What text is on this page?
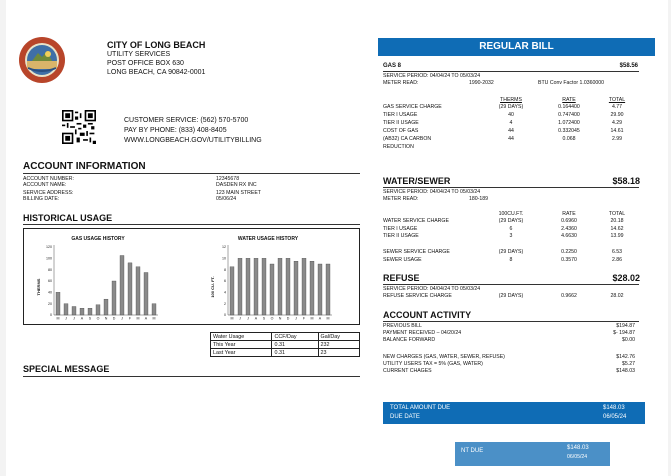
CITY OF LONG BEACH
UTILITY SERVICES
POST OFFICE BOX 630
LONG BEACH, CA 90842-0001
CUSTOMER SERVICE: (562) 570-5700
PAY BY PHONE: (833) 408-8405
WWW.LONGBEACH.GOV/UTILITYBILLING
ACCOUNT INFORMATION
ACCOUNT NUMBER:	12345678
ACCOUNT NAME:	DASDEN RX INC
SERVICE ADDRESS:	123 MAIN STREET
BILLING DATE:	05/06/24
HISTORICAL USAGE
GAS USAGE HISTORY
THERMS
0
20
40
60
80
100
120
M J J A S O N D J F M A M
WATER USAGE HISTORY
100 CU. FT.
0
2
4
6
8
10
12
M J J A S O N D J F M A M
Water Usage	CCF/Day	Gal/Day
This Year	0.31	232
Last Year	0.31	23
SPECIAL MESSAGE
REGULAR BILL
GAS 8	$58.56
SERVICE PERIOD: 04/04/24 TO 05/03/24
METER READ:	1990-2032	BTU Conv Factor 1.0360000
THERMS	RATE	TOTAL
GAS SERVICE CHARGE	(29 DAYS)	0.164400	4.77
TIER I USAGE	40	0.747400	29.90
TIER II USAGE	4	1.072400	4.29
COST OF GAS	44	0.332045	14.61
(AB32) CA CARBON	44	0.068	2.99
REDUCTION
WATER/SEWER	$58.18
SERVICE PERIOD: 04/04/24 TO 05/03/24
METER READ:	180-189
100CU.FT.	RATE	TOTAL
WATER SERVICE CHARGE	(29 DAYS)	0.6960	20.18
TIER I USAGE	6	2.4360	14.62
TIER II USAGE	3	4.6630	13.99
SEWER SERVICE CHARGE	(29 DAYS)	0.2250	6.53
SEWER USAGE	8	0.3570	2.86
REFUSE	$28.02
SERVICE PERIOD: 04/04/24 TO 05/03/24
REFUSE SERVICE CHARGE	(29 DAYS)	0.9662	28.02
ACCOUNT ACTIVITY
PREVIOUS BILL	$194.87
PAYMENT RECEIVED – 04/20/24	$- 194.87
BALANCE FORWARD	$0.00
NEW CHARGES (GAS, WATER, SEWER, REFUSE)	$142.76
UTILITY USERS TAX = 5% (GAS, WATER)	$5.27
CURRENT CHAGES	$148.03
TOTAL AMOUNT DUE	$148.03
DUE DATE	06/05/24
NT DUE	$148.03
06/05/24
